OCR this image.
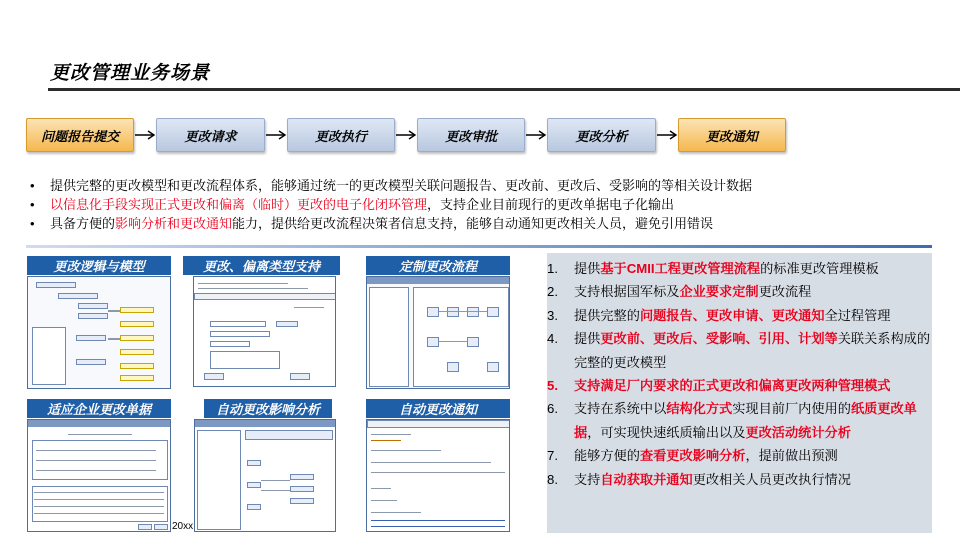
更改管理业务场景
问题报告提交	更改请求	更改执行	更改审批	更改分析	更改通知
• 提供完整的更改模型和更改流程体系，能够通过统一的更改模型关联问题报告、更改前、更改后、受影响的等相关设计数据
• 以信息化手段实现正式更改和偏离（临时）更改的电子化闭环管理，支持企业目前现行的更改单据电子化输出
• 具备方便的影响分析和更改通知能力，提供给更改流程决策者信息支持，能够自动通知更改相关人员，避免引用错误
更改逻辑与模型	更改、偏离类型支持	定制更改流程
适应企业更改单据	自动更改影响分析	自动更改通知
20xx
1. 提供基于CMII工程更改管理流程的标准更改管理模板
2. 支持根据国军标及企业要求定制更改流程
3. 提供完整的问题报告、更改申请、更改通知全过程管理
4. 提供更改前、更改后、受影响、引用、计划等关联关系构成的完整的更改模型
5. 支持满足厂内要求的正式更改和偏离更改两种管理模式
6. 支持在系统中以结构化方式实现目前厂内使用的纸质更改单据，可实现快速纸质输出以及更改活动统计分析
7. 能够方便的查看更改影响分析，提前做出预测
8. 支持自动获取并通知更改相关人员更改执行情况
